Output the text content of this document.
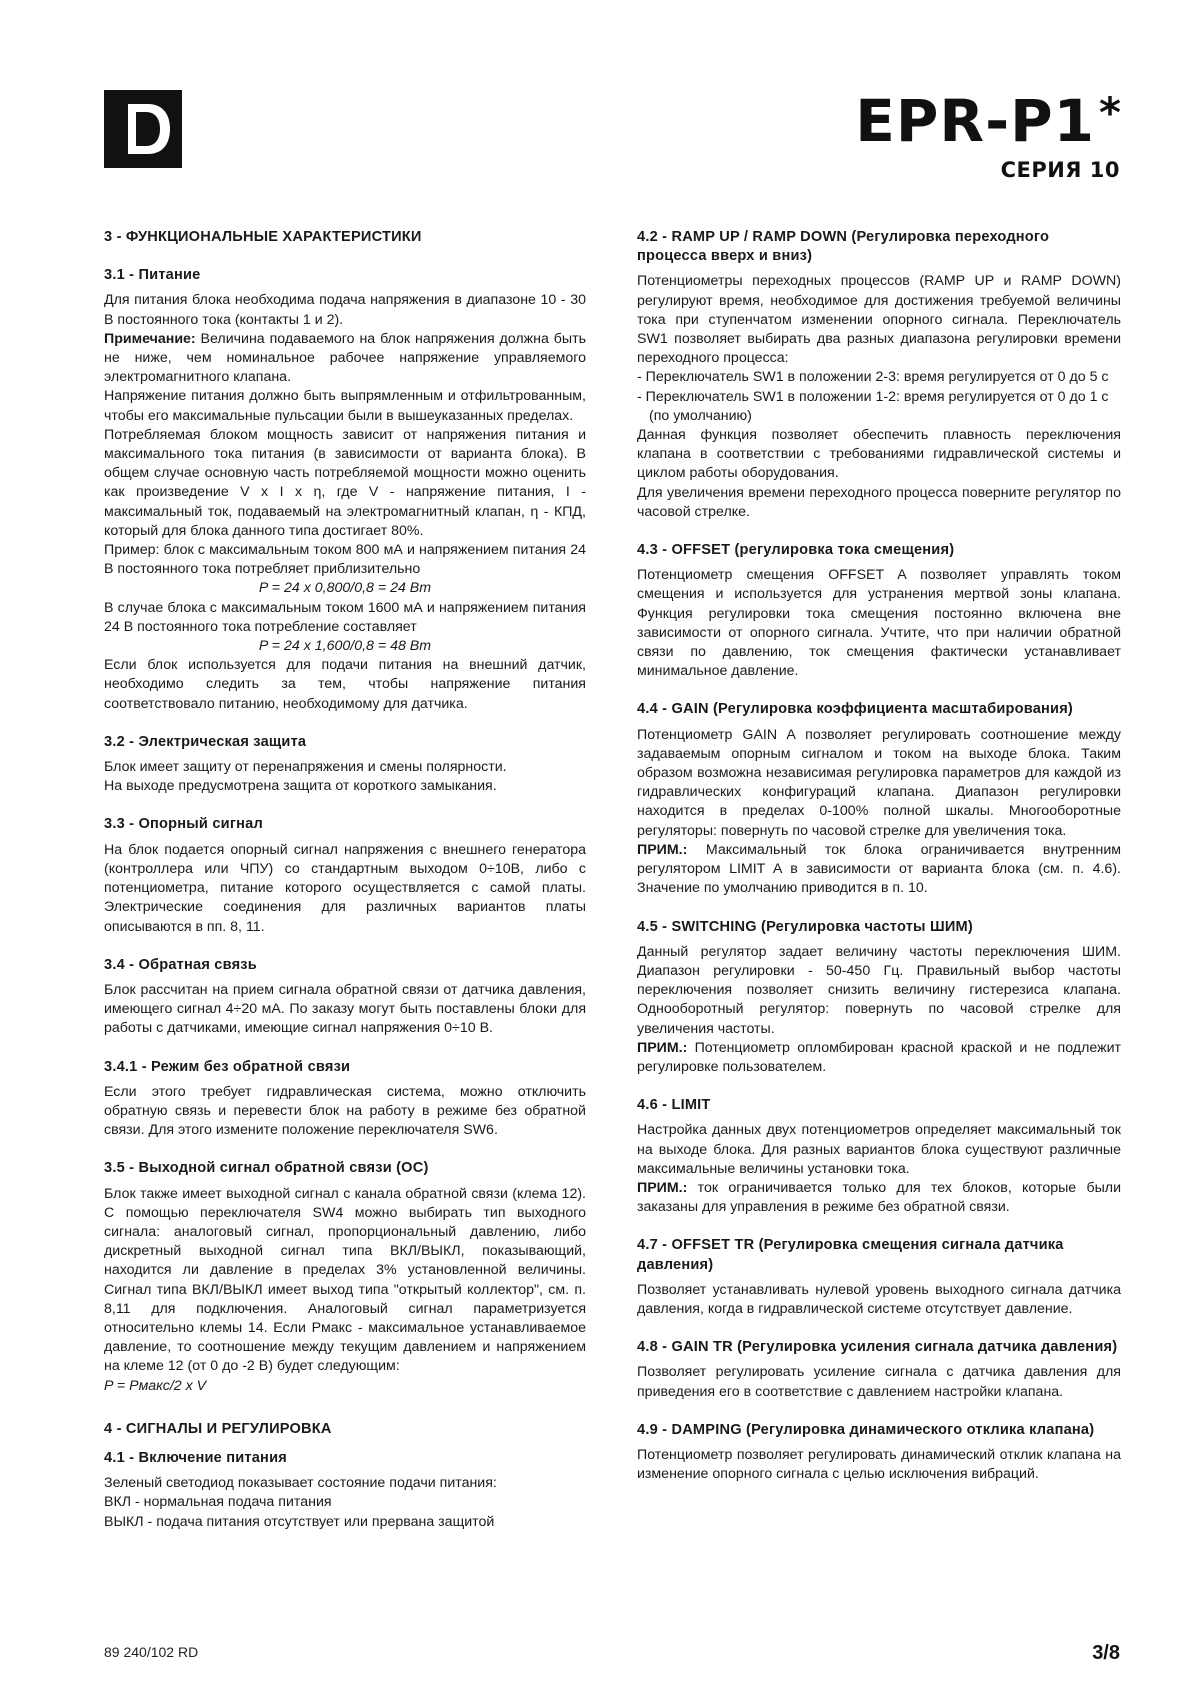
EPR-P1*
СЕРИЯ 10
3 - ФУНКЦИОНАЛЬНЫЕ ХАРАКТЕРИСТИКИ
3.1 - Питание

Для питания блока необходима подача напряжения в диапазоне 10 - 30 В постоянного тока (контакты 1 и 2).

Примечание: Величина подаваемого на блок напряжения должна быть не ниже, чем номинальное рабочее напряжение управляемого электромагнитного клапана.

Напряжение питания должно быть выпрямленным и отфильтрованным, чтобы его максимальные пульсации были в вышеуказанных пределах.

Потребляемая блоком мощность зависит от напряжения питания и максимального тока питания (в зависимости от варианта блока). В общем случае основную часть потребляемой мощности можно оценить как произведение V x I x η, где V - напряжение питания, I - максимальный ток, подаваемый на электромагнитный клапан, η - КПД, который для блока данного типа достигает 80%.

Пример: блок с максимальным током 800 мА и напряжением питания 24 В постоянного тока потребляет приблизительно

P = 24 x 0,800/0,8 = 24 Вт

В случае блока с максимальным током 1600 мА и напряжением питания 24 В постоянного тока потребление составляет

P = 24 x 1,600/0,8 = 48 Вт

Если блок используется для подачи питания на внешний датчик, необходимо следить за тем, чтобы напряжение питания соответствовало питанию, необходимому для датчика.

3.2 - Электрическая защита

Блок имеет защиту от перенапряжения и смены полярности.

На выходе предусмотрена защита от короткого замыкания.

3.3 - Опорный сигнал

На блок подается опорный сигнал напряжения с внешнего генератора (контроллера или ЧПУ) со стандартным выходом 0÷10В, либо с потенциометра, питание которого осуществляется с самой платы. Электрические соединения для различных вариантов платы описываются в пп. 8, 11.

3.4 - Обратная связь

Блок рассчитан на прием сигнала обратной связи от датчика давления, имеющего сигнал 4÷20 мА. По заказу могут быть поставлены блоки для работы с датчиками, имеющие сигнал напряжения 0÷10 В.

3.4.1 - Режим без обратной связи

Если этого требует гидравлическая система, можно отключить обратную связь и перевести блок на работу в режиме без обратной связи. Для этого измените положение переключателя SW6.

3.5 - Выходной сигнал обратной связи (ОС)

Блок также имеет выходной сигнал с канала обратной связи (клема 12). С помощью переключателя SW4 можно выбирать тип выходного сигнала: аналоговый сигнал, пропорциональный давлению, либо дискретный выходной сигнал типа ВКЛ/ВЫКЛ, показывающий, находится ли давление в пределах 3% установленной величины. Сигнал типа ВКЛ/ВЫКЛ имеет выход типа "открытый коллектор", см. п. 8,11 для подключения. Аналоговый сигнал параметризуется относительно клемы 14. Если Pмакс - максимальное устанавливаемое давление, то соотношение между текущим давлением и напряжением на клеме 12 (от 0 до -2 В) будет следующим:

P = Pмакс/2 x V

4 - СИГНАЛЫ И РЕГУЛИРОВКА
4.1 - Включение питания

Зеленый светодиод показывает состояние подачи питания:

ВКЛ - нормальная подача питания

ВЫКЛ - подача питания отсутствует или прервана защитой

4.2 - RAMP UP / RAMP DOWN (Регулировка переходного процесса вверх и вниз)

Потенциометры переходных процессов (RAMP UP и RAMP DOWN) регулируют время, необходимое для достижения требуемой величины тока при ступенчатом изменении опорного сигнала. Переключатель SW1 позволяет выбирать два разных диапазона регулировки времени переходного процесса:

- Переключатель SW1 в положении 2-3: время регулируется от 0 до 5 с

- Переключатель SW1 в положении 1-2: время регулируется от 0 до 1 с (по умолчанию)

Данная функция позволяет обеспечить плавность переключения клапана в соответствии с требованиями гидравлической системы и циклом работы оборудования.

Для увеличения времени переходного процесса поверните регулятор по часовой стрелке.

4.3 - OFFSET (регулировка тока смещения)

Потенциометр смещения OFFSET A позволяет управлять током смещения и используется для устранения мертвой зоны клапана. Функция регулировки тока смещения постоянно включена вне зависимости от опорного сигнала. Учтите, что при наличии обратной связи по давлению, ток смещения фактически устанавливает минимальное давление.

4.4 - GAIN (Регулировка коэффициента масштабирования)

Потенциометр GAIN A позволяет регулировать соотношение между задаваемым опорным сигналом и током на выходе блока. Таким образом возможна независимая регулировка параметров для каждой из гидравлических конфигураций клапана. Диапазон регулировки находится в пределах 0-100% полной шкалы. Многооборотные регуляторы: повернуть по часовой стрелке для увеличения тока.

ПРИМ.: Максимальный ток блока ограничивается внутренним регулятором LIMIT A в зависимости от варианта блока (см. п. 4.6). Значение по умолчанию приводится в п. 10.

4.5 - SWITCHING (Регулировка частоты ШИМ)

Данный регулятор задает величину частоты переключения ШИМ. Диапазон регулировки - 50-450 Гц. Правильный выбор частоты переключения позволяет снизить величину гистерезиса клапана. Однооборотный регулятор: повернуть по часовой стрелке для увеличения частоты.

ПРИМ.: Потенциометр опломбирован красной краской и не подлежит регулировке пользователем.

4.6 - LIMIT

Настройка данных двух потенциометров определяет максимальный ток на выходе блока. Для разных вариантов блока существуют различные максимальные величины установки тока.

ПРИМ.: ток ограничивается только для тех блоков, которые были заказаны для управления в режиме без обратной связи.

4.7 - OFFSET TR (Регулировка смещения сигнала датчика давления)

Позволяет устанавливать нулевой уровень выходного сигнала датчика давления, когда в гидравлической системе отсутствует давление.

4.8 - GAIN TR (Регулировка усиления сигнала датчика давления)

Позволяет регулировать усиление сигнала с датчика давления для приведения его в соответствие с давлением настройки клапана.

4.9 - DAMPING (Регулировка динамического отклика клапана)

Потенциометр позволяет регулировать динамический отклик клапана на изменение опорного сигнала с целью исключения вибраций.

89 240/102 RD	3/8
